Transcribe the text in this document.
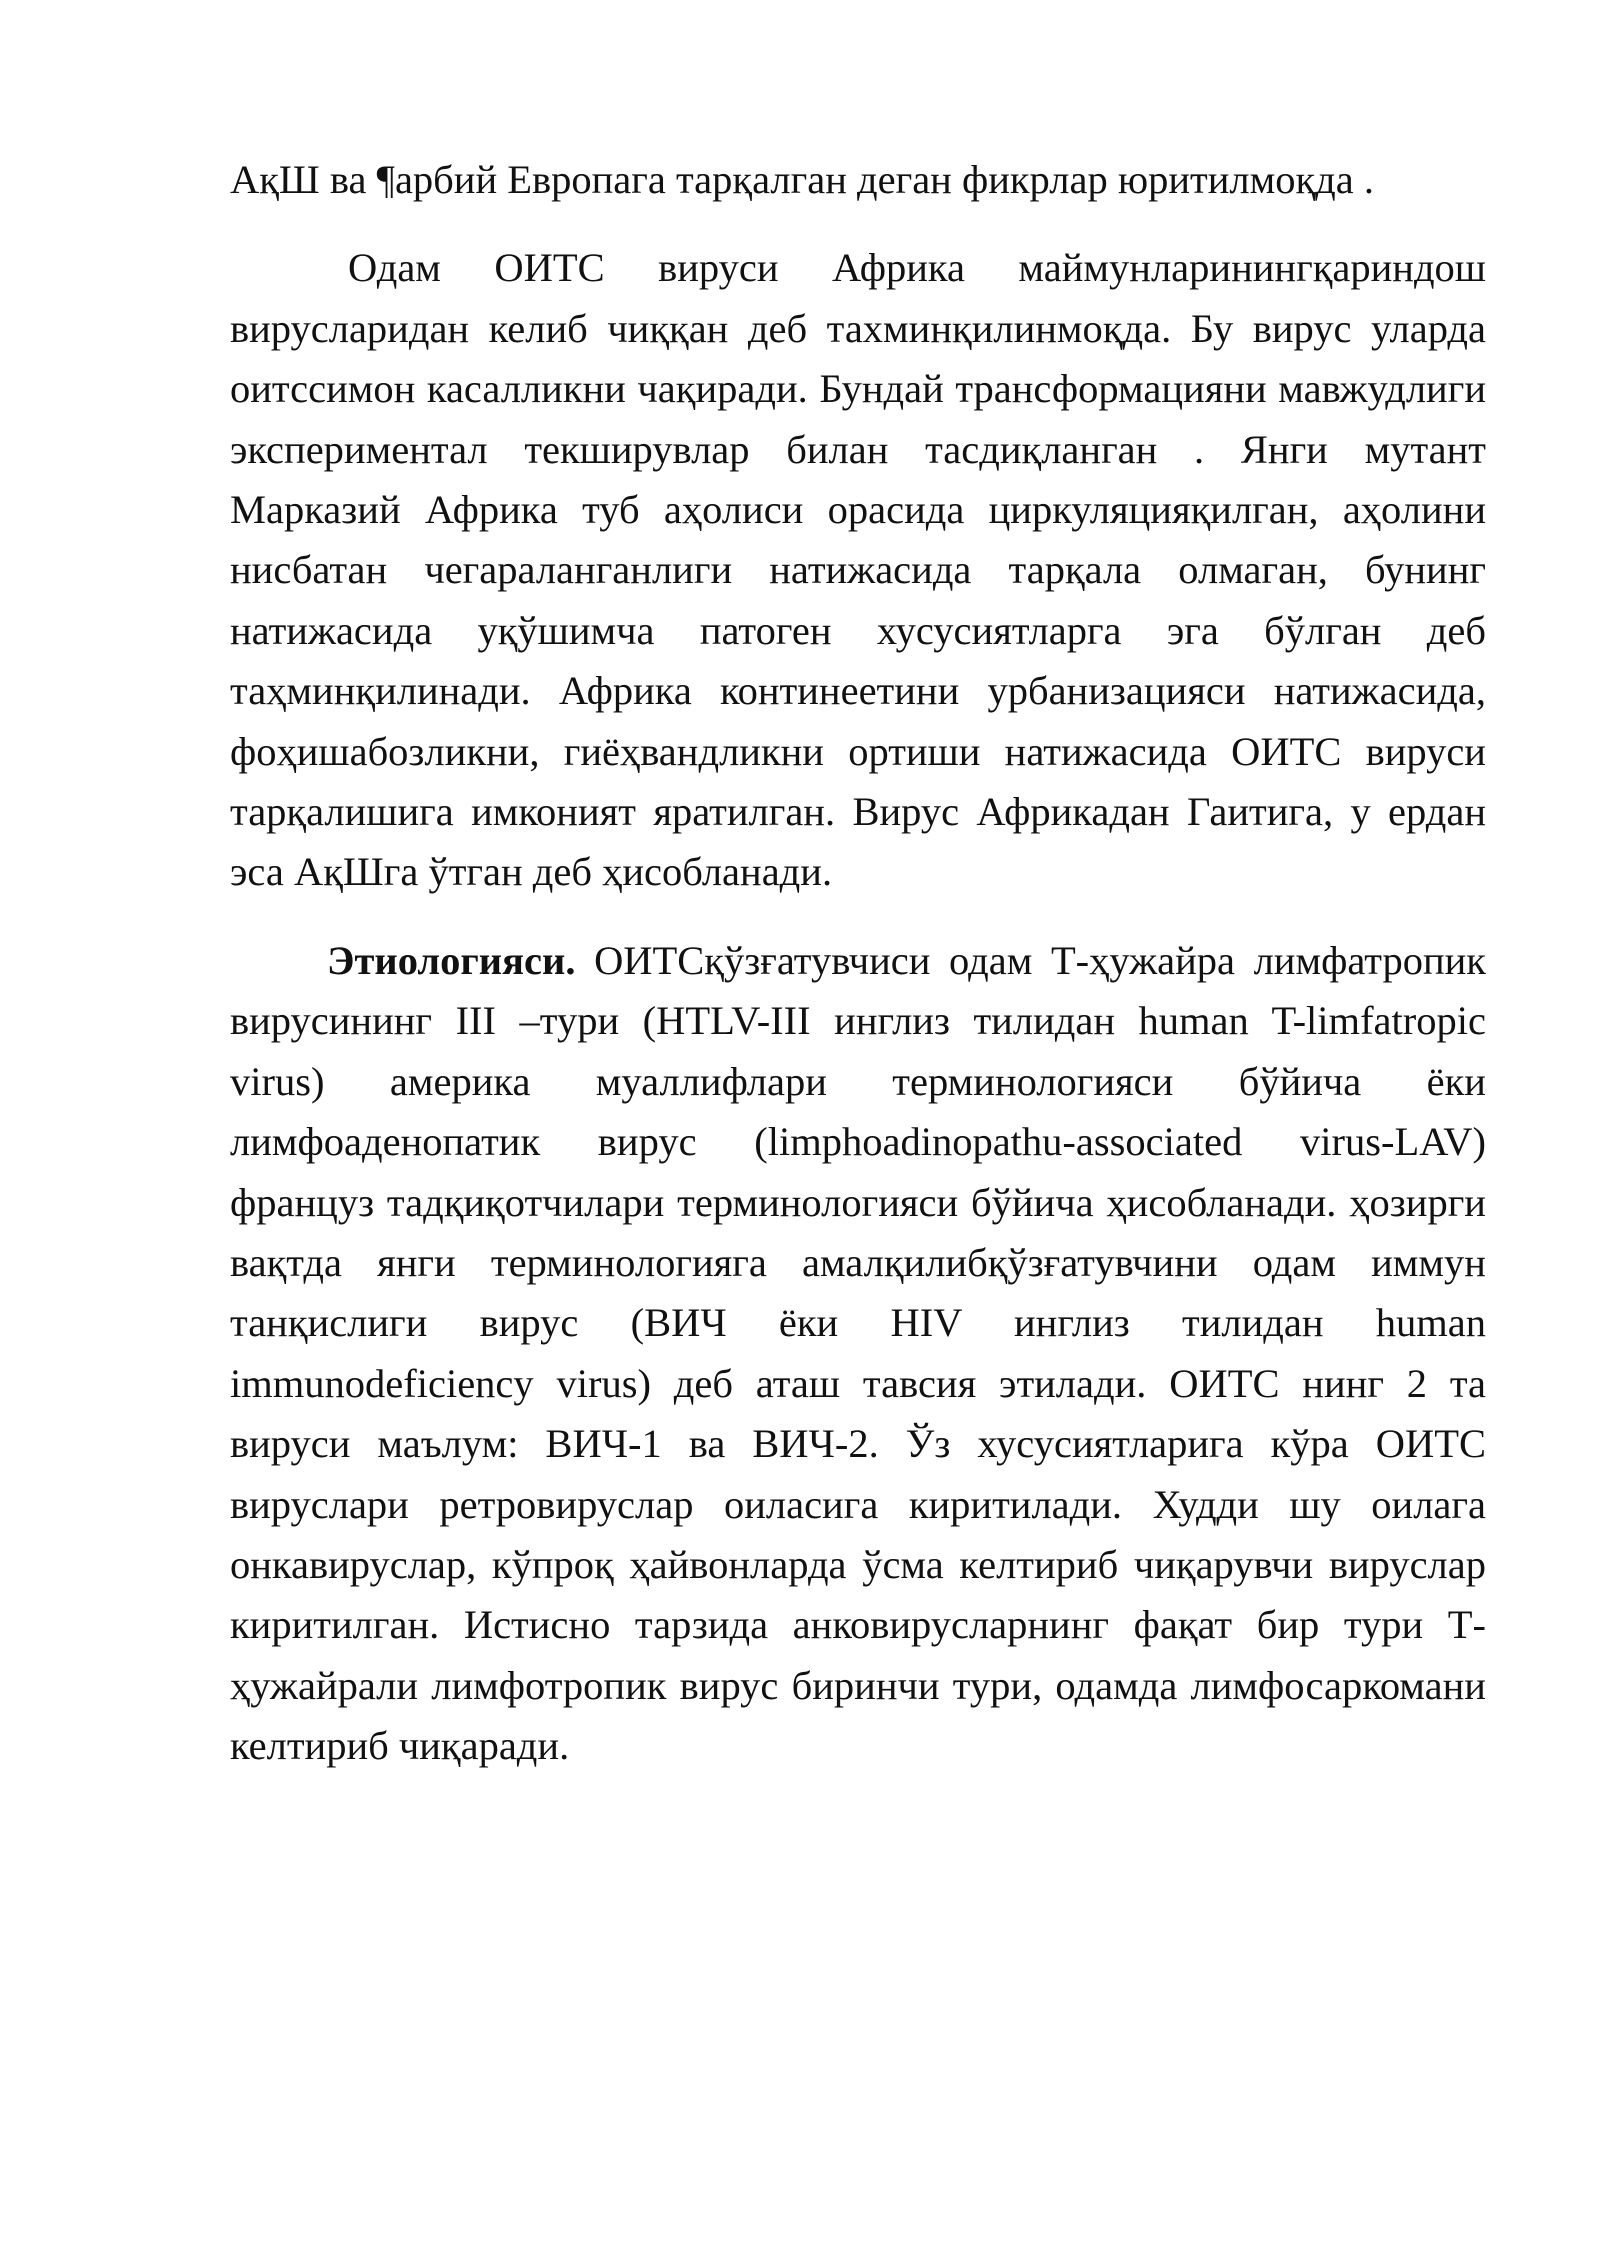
АқШ ва ¶арбий Европага тарқалган деган фикрлар юритилмоқда .

Одам ОИТС вируси Африка маймунларинингқариндош вирусларидан келиб чиққан деб тахминқилинмоқда. Бу вирус уларда оитссимон касалликни чақиради. Бундай трансформацияни мавжудлиги экспериментал текширувлар билан тасдиқланган . Янги мутант Марказий Африка туб аҳолиси орасида циркуляцияқилган, аҳолини нисбатан чегараланганлиги натижасида тарқала олмаган, бунинг натижасида уқўшимча патоген хусусиятларга эга бўлган деб таҳминқилинади. Африка континеетини урбанизацияси натижасида, фоҳишабозликни, гиёҳвандликни ортиши натижасида ОИТС вируси тарқалишига имконият яратилган. Вирус Африкадан Гаитига, у ердан эса АқШга ўтган деб ҳисобланади.

Этиологияси. ОИТСқўзғатувчиси одам Т-ҳужайра лимфатропик вирусининг III –тури (HTLV-III инглиз тилидан human T-limfatropic virus) америка муаллифлари терминологияси бўйича ёки лимфоаденопатик вирус (limphoadinopathu-associated virus-LAV) француз тадқиқотчилари терминологияси бўйича ҳисобланади. ҳозирги вақтда янги терминологияга амалқилибқўзғатувчини одам иммун танқислиги вирус (ВИЧ ёки HIV инглиз тилидан human immunodeficiency virus) деб аташ тавсия этилади. ОИТС нинг 2 та вируси маълум: ВИЧ-1 ва ВИЧ-2. Ўз хусусиятларига кўра ОИТС вируслари ретровируслар оиласига киритилади. Худди шу оилага онкавируслар, кўпроқ ҳайвонларда ўсма келтириб чиқарувчи вируслар киритилган. Истисно тарзида анковирусларнинг фақат бир тури Т-ҳужайрали лимфотропик вирус биринчи тури, одамда лимфосаркомани келтириб чиқаради.
